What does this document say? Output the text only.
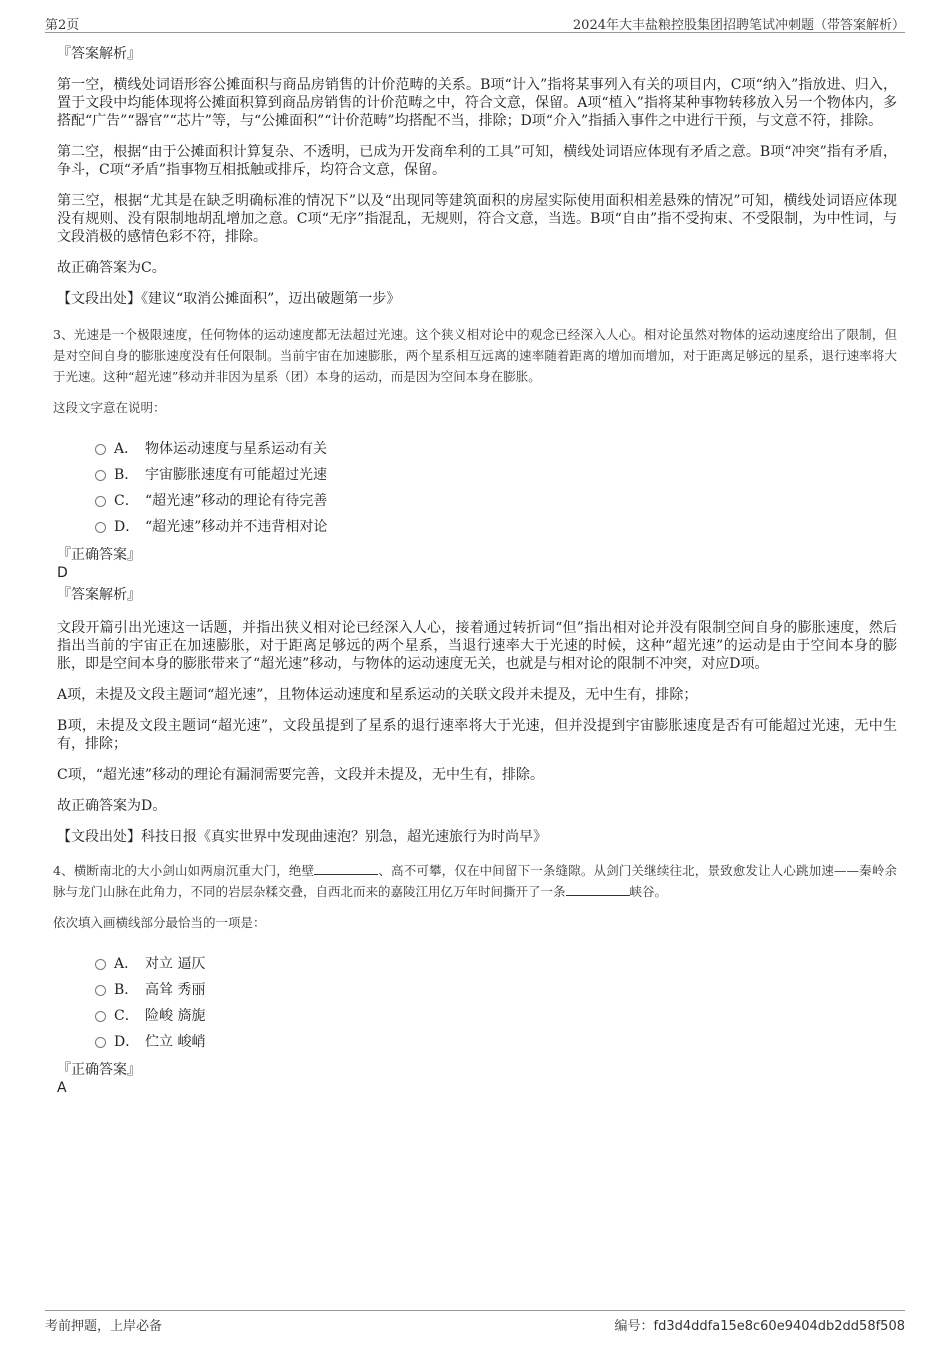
第2页	2024年大丰盐粮控股集团招聘笔试冲刺题（带答案解析）

『答案解析』

第一空，横线处词语形容公摊面积与商品房销售的计价范畴的关系。B项“计入”指将某事列入有关的项目内，C项“纳入”指放进、归入，置于文段中均能体现将公摊面积算到商品房销售的计价范畴之中，符合文意，保留。A项“植入”指将某种事物转移放入另一个物体内，多搭配“广告”“器官”“芯片”等，与“公摊面积”“计价范畴”均搭配不当，排除；D项“介入”指插入事件之中进行干预，与文意不符，排除。

第二空，根据“由于公摊面积计算复杂、不透明，已成为开发商牟利的工具”可知，横线处词语应体现有矛盾之意。B项“冲突”指有矛盾，争斗，C项“矛盾”指事物互相抵触或排斥，均符合文意，保留。

第三空，根据“尤其是在缺乏明确标准的情况下”以及“出现同等建筑面积的房屋实际使用面积相差悬殊的情况”可知，横线处词语应体现没有规则、没有限制地胡乱增加之意。C项“无序”指混乱，无规则，符合文意，当选。B项“自由”指不受拘束、不受限制，为中性词，与文段消极的感情色彩不符，排除。

故正确答案为C。

【文段出处】《建议“取消公摊面积”，迈出破题第一步》

3、光速是一个极限速度，任何物体的运动速度都无法超过光速。这个狭义相对论中的观念已经深入人心。相对论虽然对物体的运动速度给出了限制，但是对空间自身的膨胀速度没有任何限制。当前宇宙在加速膨胀，两个星系相互远离的速率随着距离的增加而增加，对于距离足够远的星系，退行速率将大于光速。这种“超光速”移动并非因为星系（团）本身的运动，而是因为空间本身在膨胀。

这段文字意在说明：

A． 物体运动速度与星系运动有关
B． 宇宙膨胀速度有可能超过光速
C． “超光速”移动的理论有待完善
D． “超光速”移动并不违背相对论

『正确答案』

D

『答案解析』

文段开篇引出光速这一话题，并指出狭义相对论已经深入人心，接着通过转折词“但”指出相对论并没有限制空间自身的膨胀速度，然后指出当前的宇宙正在加速膨胀，对于距离足够远的两个星系，当退行速率大于光速的时候，这种“超光速”的运动是由于空间本身的膨胀，即是空间本身的膨胀带来了“超光速”移动，与物体的运动速度无关，也就是与相对论的限制不冲突，对应D项。

A项，未提及文段主题词“超光速”，且物体运动速度和星系运动的关联文段并未提及，无中生有，排除；

B项，未提及文段主题词“超光速”，文段虽提到了星系的退行速率将大于光速，但并没提到宇宙膨胀速度是否有可能超过光速，无中生有，排除；

C项，“超光速”移动的理论有漏洞需要完善，文段并未提及，无中生有，排除。

故正确答案为D。

【文段出处】科技日报《真实世界中发现曲速泡？别急，超光速旅行为时尚早》

4、横断南北的大小剑山如两扇沉重大门，绝壁	、高不可攀，仅在中间留下一条缝隙。从剑门关继续往北，景致愈发让人心跳加速——秦岭余脉与龙门山脉在此角力，不同的岩层杂糅交叠，自西北而来的嘉陵江用亿万年时间撕开了一条	峡谷。

依次填入画横线部分最恰当的一项是：

A． 对立 逼仄
B． 高耸 秀丽
C． 险峻 旖旎
D． 伫立 峻峭

『正确答案』

A

考前押题，上岸必备	编号：fd3d4ddfa15e8c60e9404db2dd58f508
